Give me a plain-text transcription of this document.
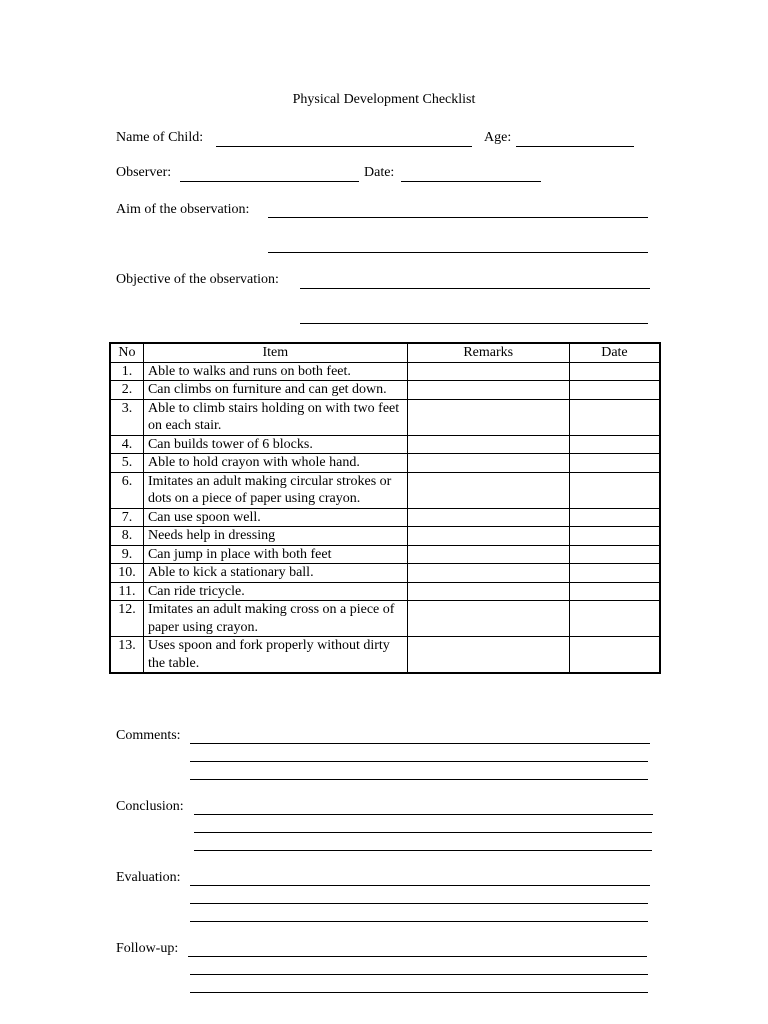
Physical Development Checklist
Name of Child:	Age:
Observer:	Date:
Aim of the observation:
Objective of the observation:
No	Item	Remarks	Date
1.	Able to walks and runs on both feet.		
2.	Can climbs on furniture and can get down.		
3.	Able to climb stairs holding on with two feet on each stair.		
4.	Can builds tower of 6 blocks.		
5.	Able to hold crayon with whole hand.		
6.	Imitates an adult making circular strokes or dots on a piece of paper using crayon.		
7.	Can use spoon well.		
8.	Needs help in dressing		
9.	Can jump in place with both feet		
10.	Able to kick a stationary ball.		
11.	Can ride tricycle.		
12.	Imitates an adult making cross on a piece of paper using crayon.		
13.	Uses spoon and fork properly without dirty the table.		
Comments:
Conclusion:
Evaluation:
Follow-up:
